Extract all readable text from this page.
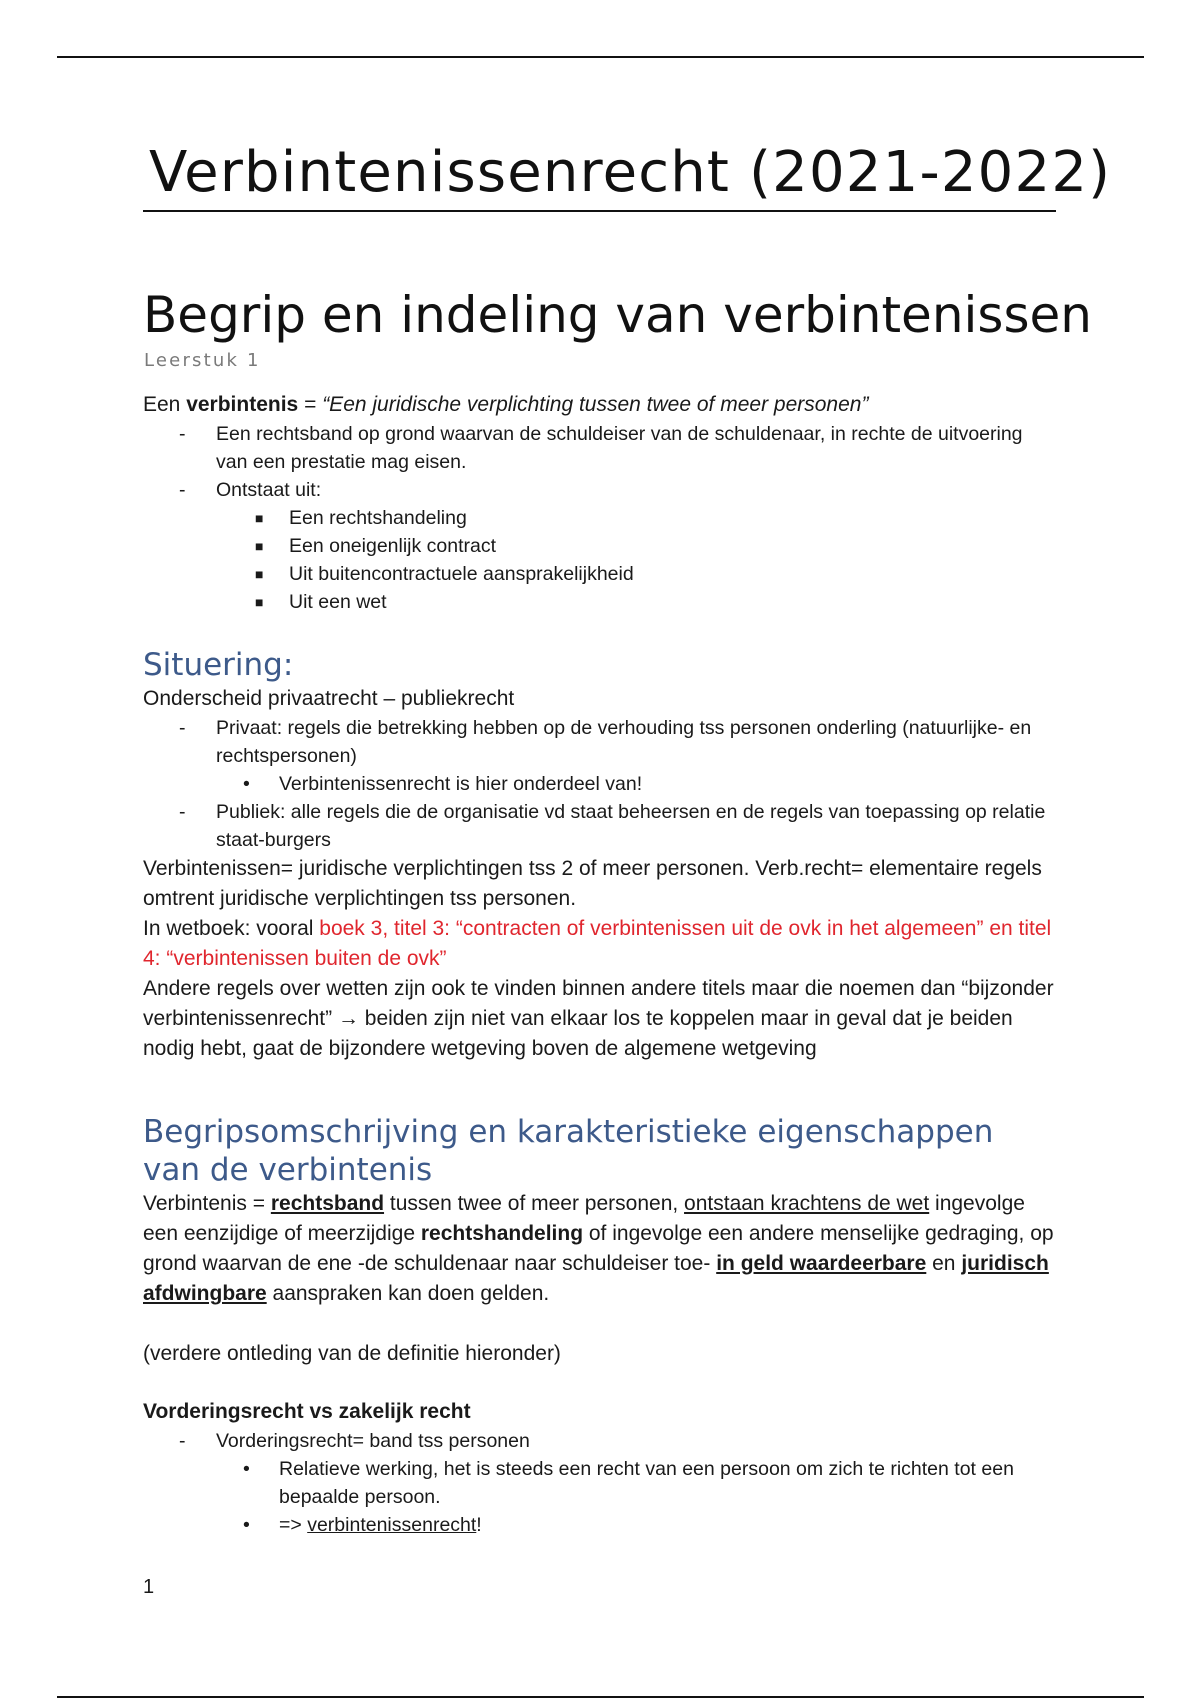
Verbintenissenrecht (2021-2022)
Begrip en indeling van verbintenissen
Leerstuk 1

Een verbintenis = “Een juridische verplichting tussen twee of meer personen”

- Een rechtsband op grond waarvan de schuldeiser van de schuldenaar, in rechte de uitvoering van een prestatie mag eisen.
- Ontstaat uit:
■ Een rechtshandeling
■ Een oneigenlijk contract
■ Uit buitencontractuele aansprakelijkheid
■ Uit een wet
Situering:

Onderscheid privaatrecht – publiekrecht

- Privaat: regels die betrekking hebben op de verhouding tss personen onderling (natuurlijke- en rechtspersonen)
• Verbintenissenrecht is hier onderdeel van!
- Publiek: alle regels die de organisatie vd staat beheersen en de regels van toepassing op relatie staat-burgers

Verbintenissen= juridische verplichtingen tss 2 of meer personen. Verb.recht= elementaire regels omtrent juridische verplichtingen tss personen.

In wetboek: vooral boek 3, titel 3: “contracten of verbintenissen uit de ovk in het algemeen” en titel 4: “verbintenissen buiten de ovk”

Andere regels over wetten zijn ook te vinden binnen andere titels maar die noemen dan “bijzonder verbintenissenrecht” → beiden zijn niet van elkaar los te koppelen maar in geval dat je beiden nodig hebt, gaat de bijzondere wetgeving boven de algemene wetgeving

Begripsomschrijving en karakteristieke eigenschappen van de verbintenis

Verbintenis = rechtsband tussen twee of meer personen, ontstaan krachtens de wet ingevolge een eenzijdige of meerzijdige rechtshandeling of ingevolge een andere menselijke gedraging, op grond waarvan de ene -de schuldenaar naar schuldeiser toe- in geld waardeerbare en juridisch afdwingbare aanspraken kan doen gelden.

(verdere ontleding van de definitie hieronder)

Vorderingsrecht vs zakelijk recht

- Vorderingsrecht= band tss personen
• Relatieve werking, het is steeds een recht van een persoon om zich te richten tot een bepaalde persoon.
• => verbintenissenrecht!
1
